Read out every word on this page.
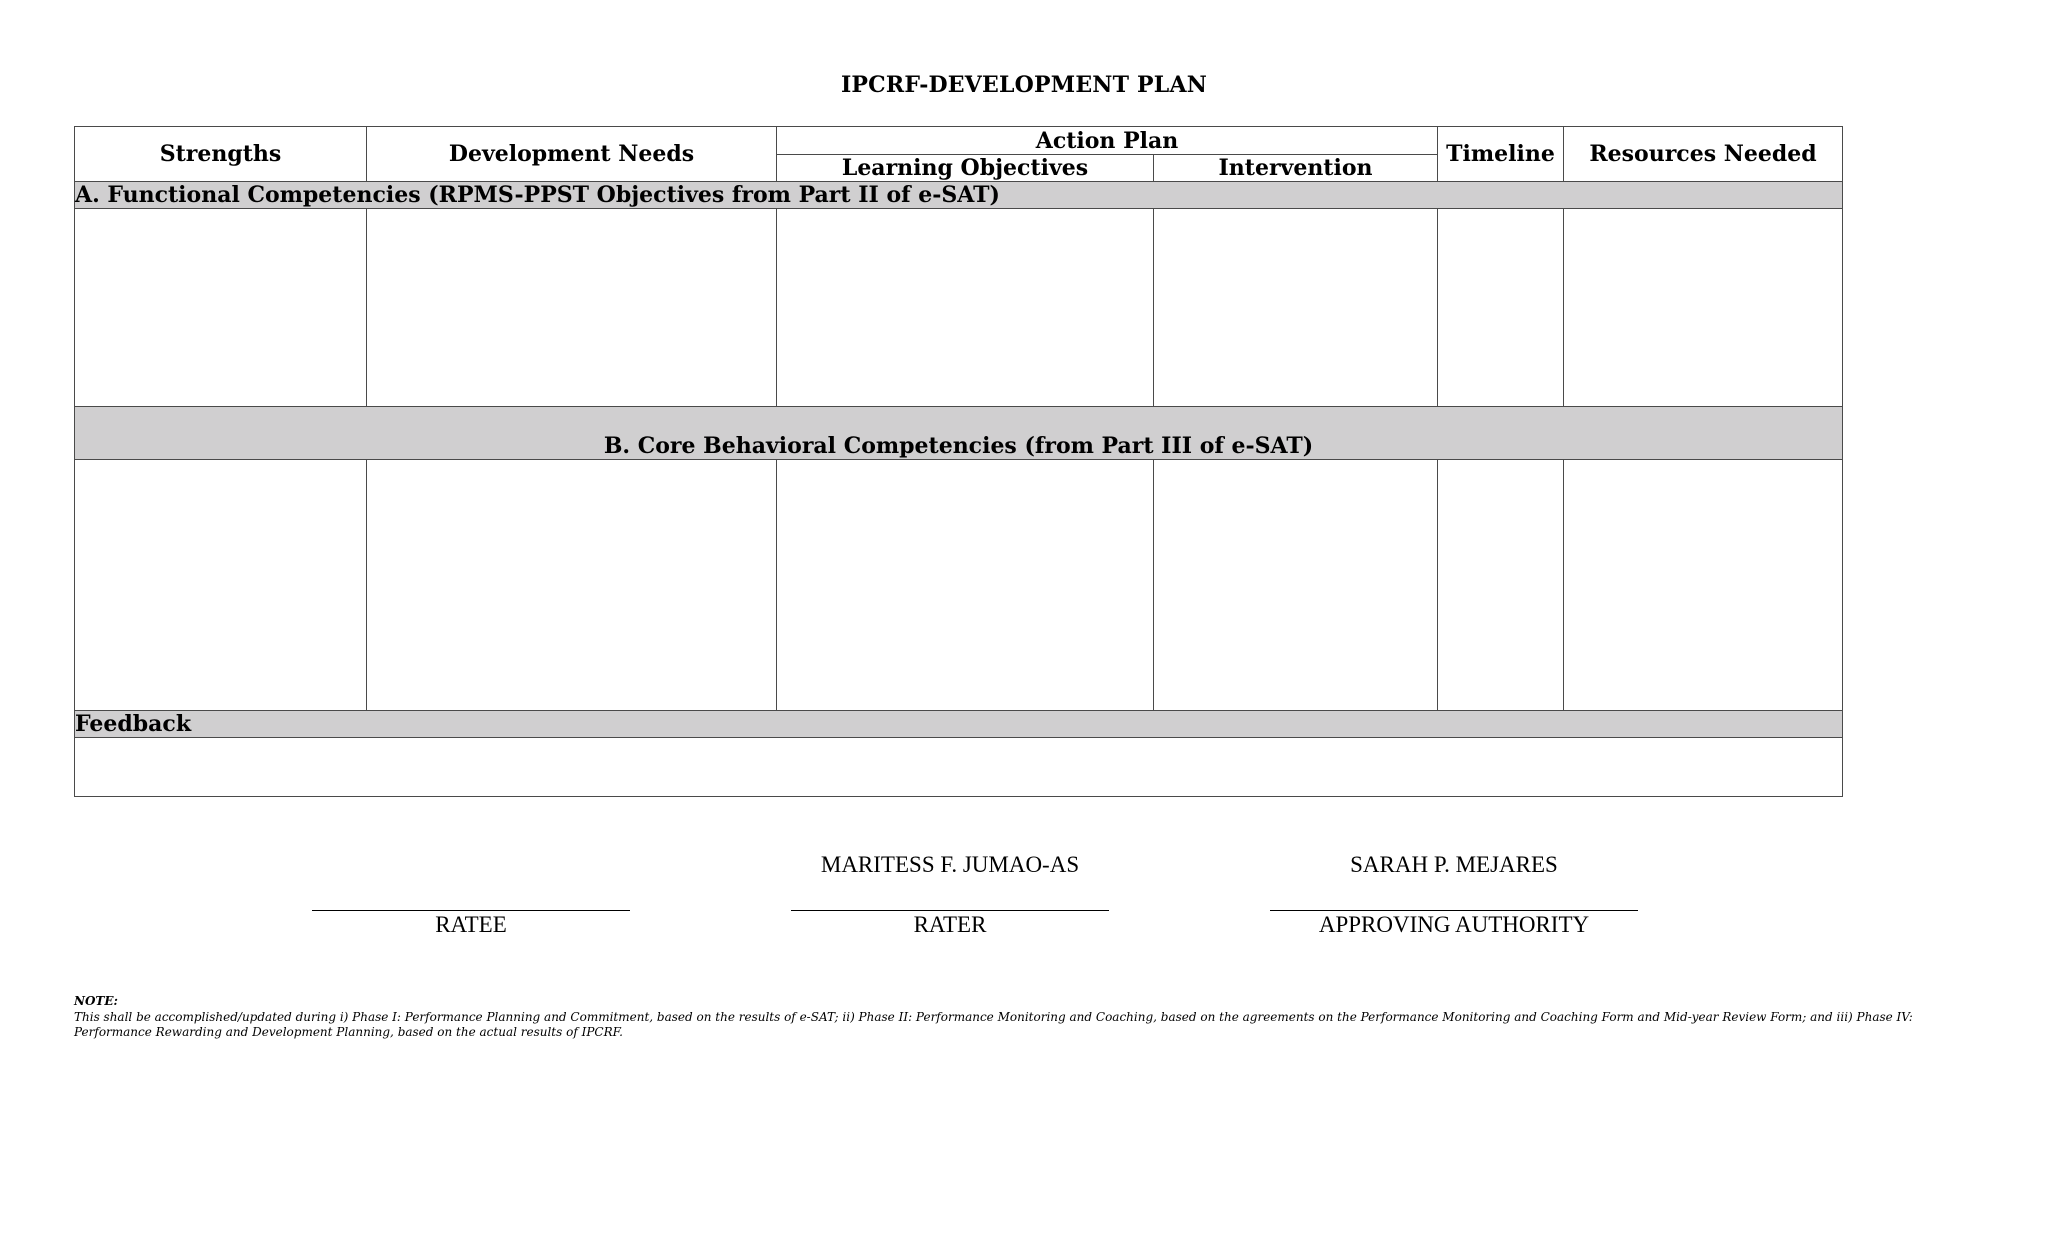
IPCRF-DEVELOPMENT PLAN
Strengths	Development Needs	Action Plan		Timeline	Resources Needed
		Learning Objectives	Intervention		
A. Functional Competencies (RPMS-PPST Objectives from Part II of e-SAT)					

B. Core Behavioral Competencies (from Part III of e-SAT)					

Feedback					

RATEE
MARITESS F. JUMAO-AS
RATER
SARAH P. MEJARES
APPROVING AUTHORITY
NOTE:
This shall be accomplished/updated during i) Phase I: Performance Planning and Commitment, based on the results of e-SAT; ii) Phase II: Performance Monitoring and Coaching, based on the agreements on the Performance Monitoring and Coaching Form and Mid-year Review Form; and iii) Phase IV: Performance Rewarding and Development Planning, based on the actual results of IPCRF.
